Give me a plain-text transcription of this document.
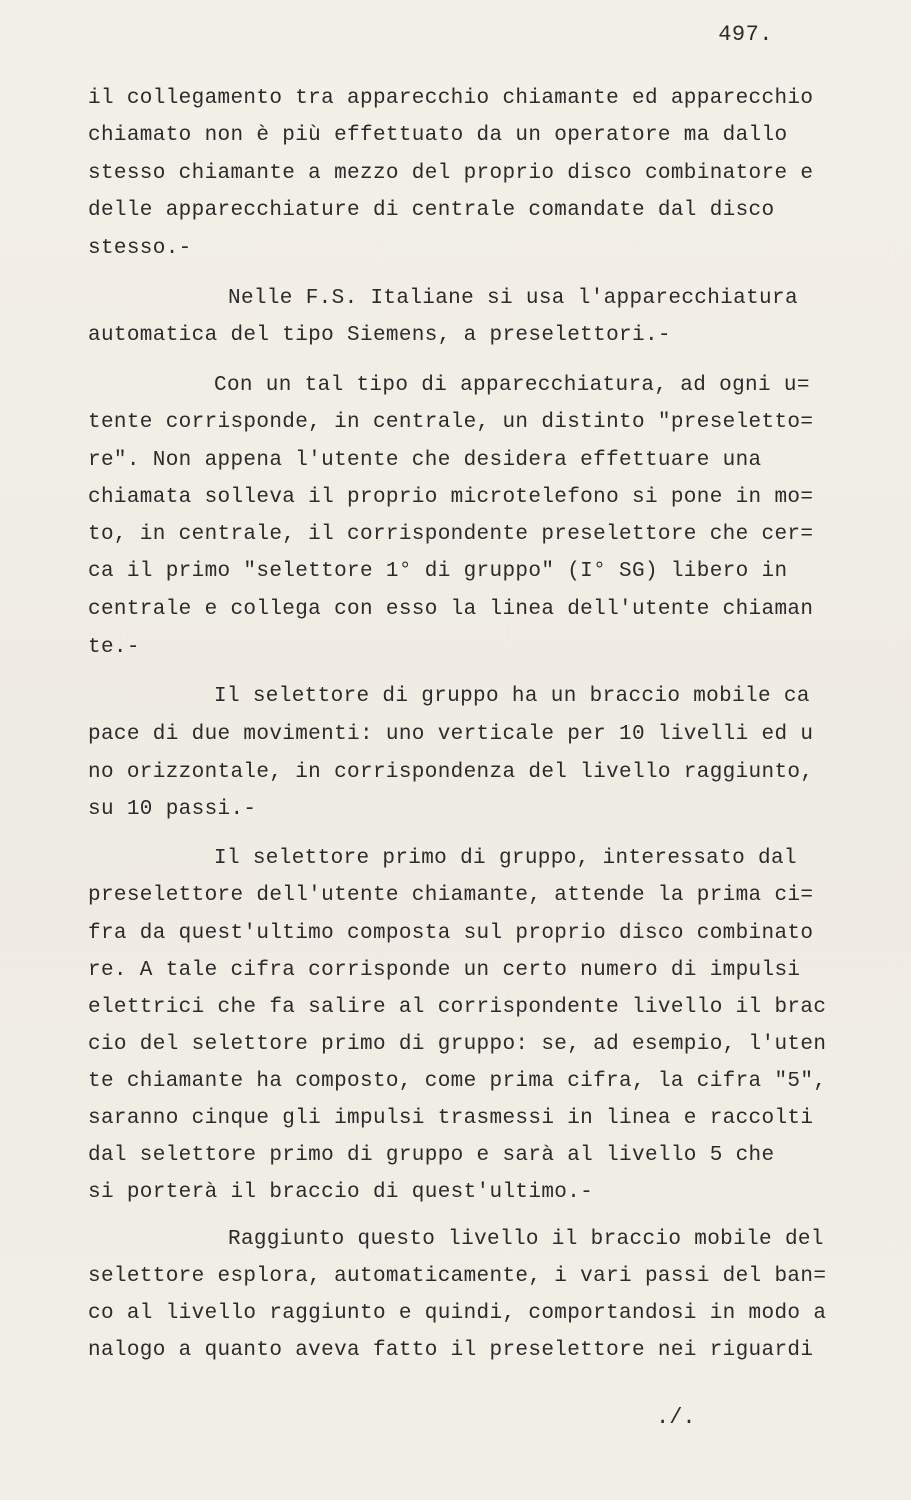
497.
il collegamento tra apparecchio chiamante ed apparecchio
chiamato non è più effettuato da un operatore ma dallo
stesso chiamante a mezzo del proprio disco combinatore e
delle apparecchiature di centrale comandate dal disco
stesso.-
Nelle F.S. Italiane si usa l'apparecchiatura
automatica del tipo Siemens, a preselettori.-
Con un tal tipo di apparecchiatura, ad ogni u=
tente corrisponde, in centrale, un distinto "preseletto=
re". Non appena l'utente che desidera effettuare una
chiamata solleva il proprio microtelefono si pone in mo=
to, in centrale, il corrispondente preselettore che cer=
ca il primo "selettore 1° di gruppo" (I° SG) libero in
centrale e collega con esso la linea dell'utente chiaman
te.-
Il selettore di gruppo ha un braccio mobile ca
pace di due movimenti: uno verticale per 10 livelli ed u
no orizzontale, in corrispondenza del livello raggiunto,
su 10 passi.-
Il selettore primo di gruppo, interessato dal
preselettore dell'utente chiamante, attende la prima ci=
fra da quest'ultimo composta sul proprio disco combinato
re. A tale cifra corrisponde un certo numero di impulsi
elettrici che fa salire al corrispondente livello il brac
cio del selettore primo di gruppo: se, ad esempio, l'uten
te chiamante ha composto, come prima cifra, la cifra "5",
saranno cinque gli impulsi trasmessi in linea e raccolti
dal selettore primo di gruppo e sarà al livello 5 che
si porterà il braccio di quest'ultimo.-
Raggiunto questo livello il braccio mobile del
selettore esplora, automaticamente, i vari passi del ban=
co al livello raggiunto e quindi, comportandosi in modo a
nalogo a quanto aveva fatto il preselettore nei riguardi
./.
